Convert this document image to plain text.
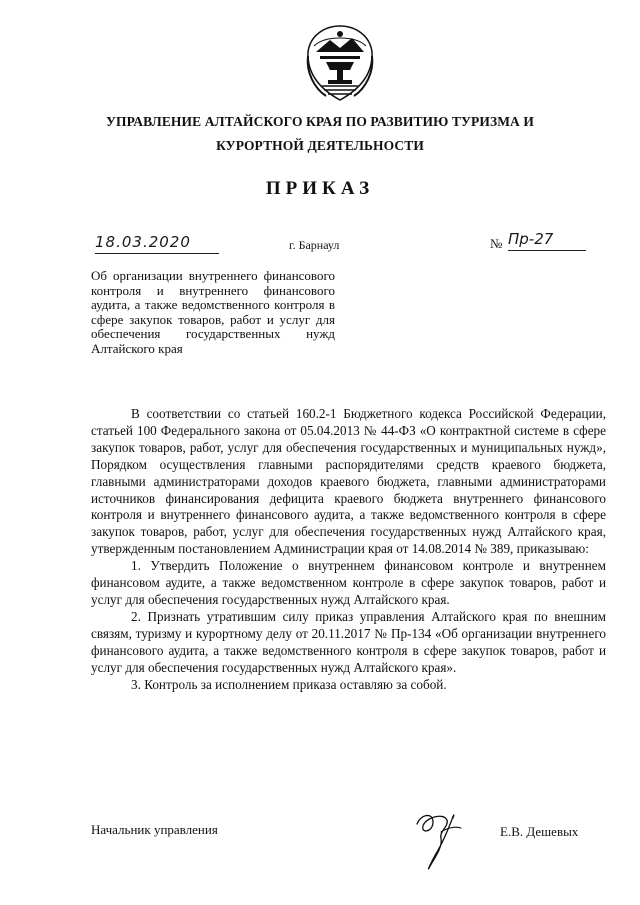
УПРАВЛЕНИЕ АЛТАЙСКОГО КРАЯ ПО РАЗВИТИЮ ТУРИЗМА И
КУРОРТНОЙ ДЕЯТЕЛЬНОСТИ
ПРИКАЗ
18.03.2020	г. Барнаул	№ Пр-27
Об организации внутреннего финансового контроля и внутреннего финансового аудита, а также ведомственного контроля в сфере закупок товаров, работ и услуг для обеспечения государственных нужд Алтайского края

В соответствии со статьей 160.2-1 Бюджетного кодекса Российской Федерации, статьей 100 Федерального закона от 05.04.2013 № 44-ФЗ «О контрактной системе в сфере закупок товаров, работ, услуг для обеспечения государственных и муниципальных нужд», Порядком осуществления главными распорядителями средств краевого бюджета, главными администраторами доходов краевого бюджета, главными администраторами источников финансирования дефицита краевого бюджета внутреннего финансового контроля и внутреннего финансового аудита, а также ведомственного контроля в сфере закупок товаров, работ, услуг для обеспечения государственных нужд Алтайского края, утвержденным постановлением Администрации края от 14.08.2014 № 389, приказываю:

1. Утвердить Положение о внутреннем финансовом контроле и внутреннем финансовом аудите, а также ведомственном контроле в сфере закупок товаров, работ и услуг для обеспечения государственных нужд Алтайского края.

2. Признать утратившим силу приказ управления Алтайского края по внешним связям, туризму и курортному делу от 20.11.2017 № Пр-134 «Об организации внутреннего финансового аудита, а также ведомственного контроля в сфере закупок товаров, работ и услуг для обеспечения государственных нужд Алтайского края».

3. Контроль за исполнением приказа оставляю за собой.

Начальник управления	Е.В. Дешевых
